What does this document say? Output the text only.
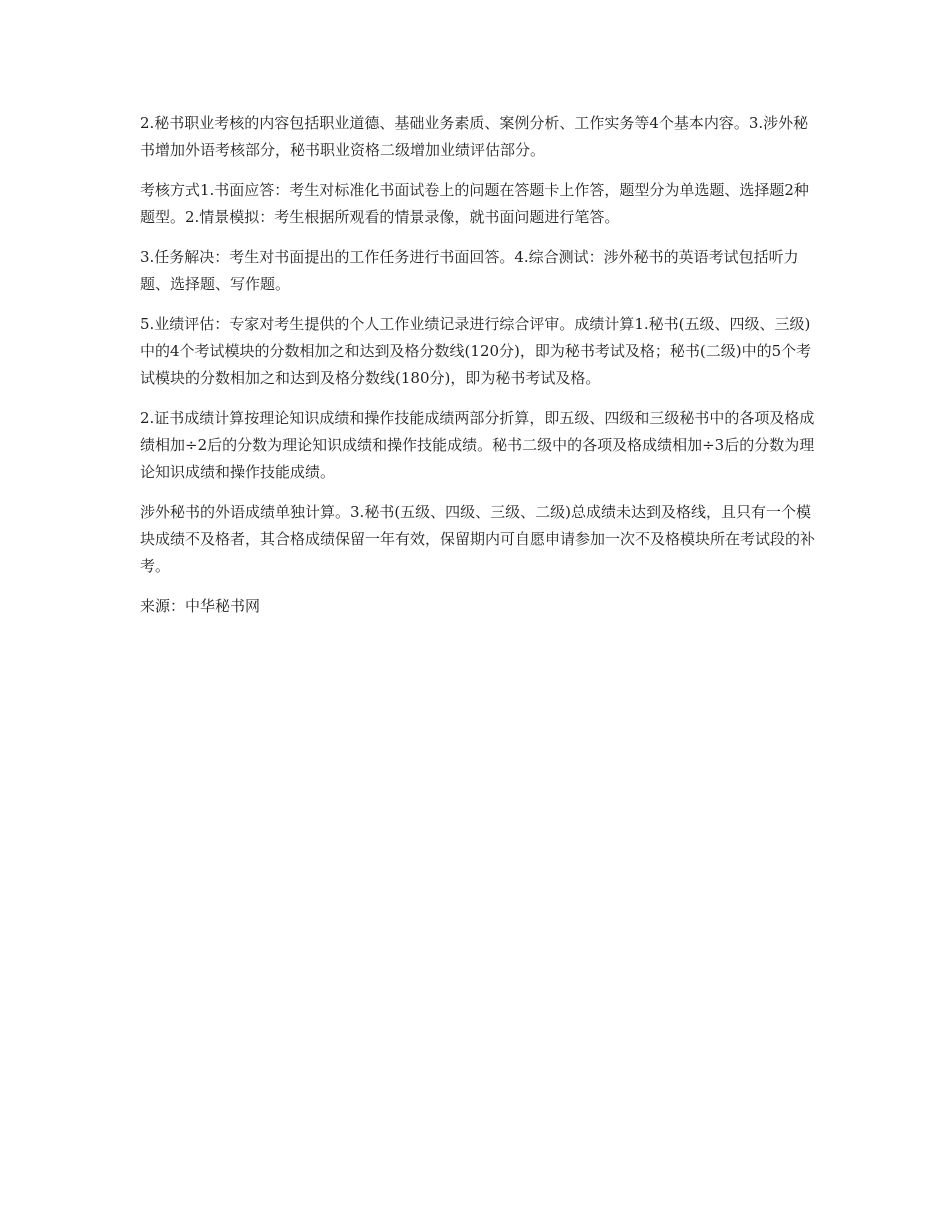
2.秘书职业考核的内容包括职业道德、基础业务素质、案例分析、工作实务等4个基本内容。3.涉外秘书增加外语考核部分，秘书职业资格二级增加业绩评估部分。

考核方式1.书面应答：考生对标准化书面试卷上的问题在答题卡上作答，题型分为单选题、选择题2种题型。2.情景模拟：考生根据所观看的情景录像，就书面问题进行笔答。

3.任务解决：考生对书面提出的工作任务进行书面回答。4.综合测试：涉外秘书的英语考试包括听力题、选择题、写作题。

5.业绩评估：专家对考生提供的个人工作业绩记录进行综合评审。成绩计算1.秘书(五级、四级、三级)中的4个考试模块的分数相加之和达到及格分数线(120分)，即为秘书考试及格；秘书(二级)中的5个考试模块的分数相加之和达到及格分数线(180分)，即为秘书考试及格。

2.证书成绩计算按理论知识成绩和操作技能成绩两部分折算，即五级、四级和三级秘书中的各项及格成绩相加÷2后的分数为理论知识成绩和操作技能成绩。秘书二级中的各项及格成绩相加÷3后的分数为理论知识成绩和操作技能成绩。

涉外秘书的外语成绩单独计算。3.秘书(五级、四级、三级、二级)总成绩未达到及格线，且只有一个模块成绩不及格者，其合格成绩保留一年有效，保留期内可自愿申请参加一次不及格模块所在考试段的补考。

来源：中华秘书网
